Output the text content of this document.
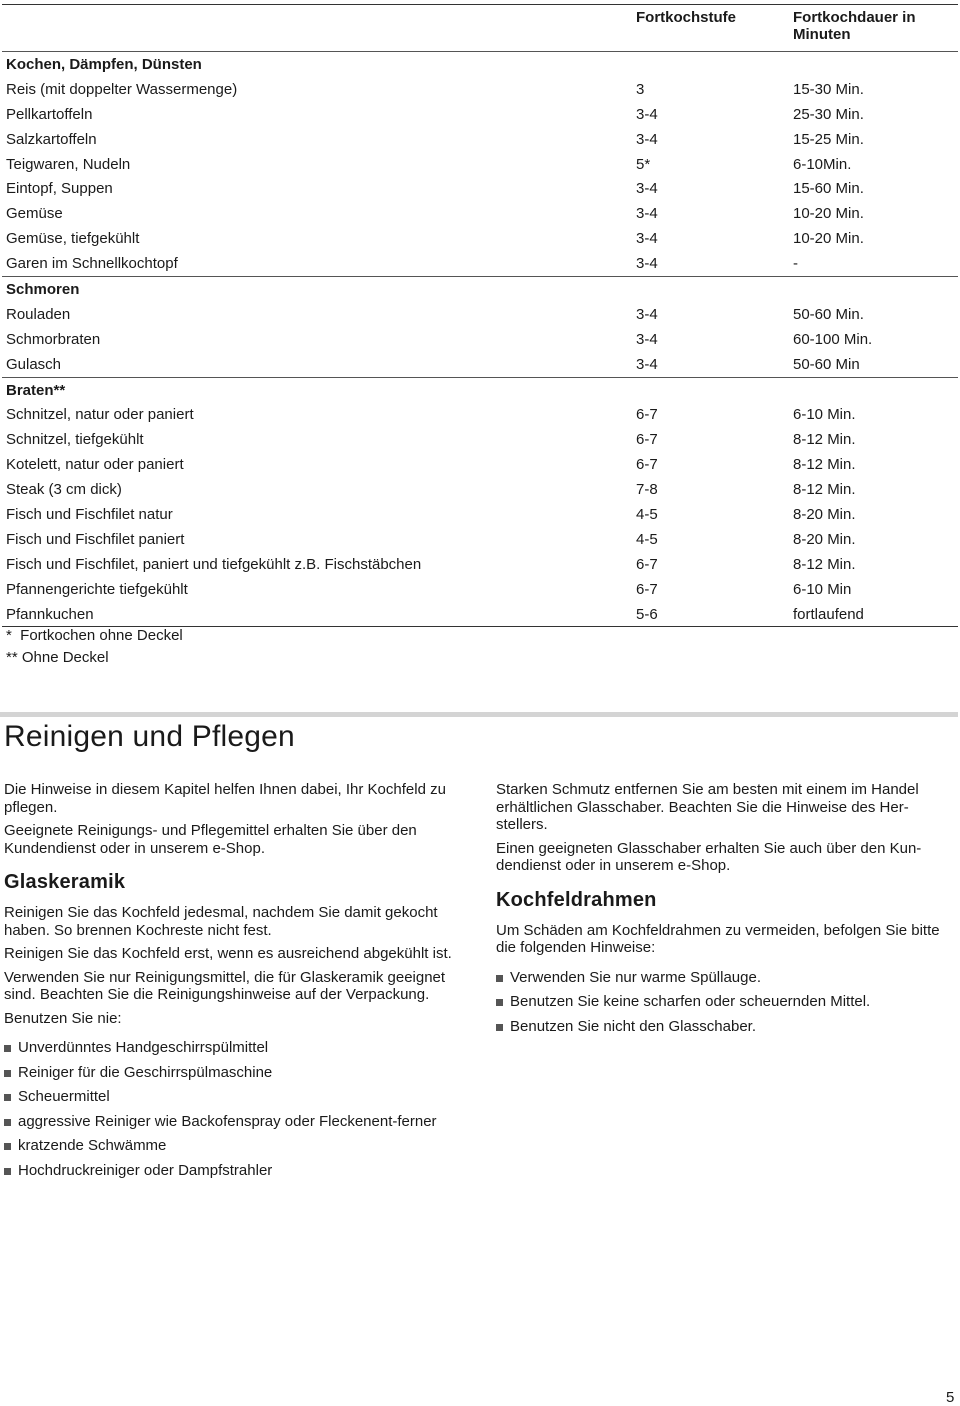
	Fortkochstufe	Fortkochdauer in Minuten
Kochen, Dämpfen, Dünsten		
Reis (mit doppelter Wassermenge)	3	15-30 Min.
Pellkartoffeln	3-4	25-30 Min.
Salzkartoffeln	3-4	15-25 Min.
Teigwaren, Nudeln	5*	6-10Min.
Eintopf, Suppen	3-4	15-60 Min.
Gemüse	3-4	10-20 Min.
Gemüse, tiefgekühlt	3-4	10-20 Min.
Garen im Schnellkochtopf	3-4	-
Schmoren		
Rouladen	3-4	50-60 Min.
Schmorbraten	3-4	60-100 Min.
Gulasch	3-4	50-60 Min
Braten**		
Schnitzel, natur oder paniert	6-7	6-10 Min.
Schnitzel, tiefgekühlt	6-7	8-12 Min.
Kotelett, natur oder paniert	6-7	8-12 Min.
Steak (3 cm dick)	7-8	8-12 Min.
Fisch und Fischfilet natur	4-5	8-20 Min.
Fisch und Fischfilet paniert	4-5	8-20 Min.
Fisch und Fischfilet, paniert und tiefgekühlt z.B. Fischstäbchen	6-7	8-12 Min.
Pfannengerichte tiefgekühlt	6-7	6-10 Min
Pfannkuchen	5-6	fortlaufend
*  Fortkochen ohne Deckel
** Ohne Deckel
Reinigen und Pflegen

Die Hinweise in diesem Kapitel helfen Ihnen dabei, Ihr Kochfeld zu pflegen.

Geeignete Reinigungs- und Pflegemittel erhalten Sie über den Kundendienst oder in unserem e-Shop.

Glaskeramik

Reinigen Sie das Kochfeld jedesmal, nachdem Sie damit gekocht haben. So brennen Kochreste nicht fest.

Reinigen Sie das Kochfeld erst, wenn es ausreichend abgekühlt ist.

Verwenden Sie nur Reinigungsmittel, die für Glaskeramik geeignet sind. Beachten Sie die Reinigungshinweise auf der Verpackung.

Benutzen Sie nie:

Unverdünntes Handgeschirrspülmittel
Reiniger für die Geschirrspülmaschine
Scheuermittel
aggressive Reiniger wie Backofenspray oder Fleckenent-ferner
kratzende Schwämme
Hochdruckreiniger oder Dampfstrahler

Starken Schmutz entfernen Sie am besten mit einem im Handel erhältlichen Glasschaber. Beachten Sie die Hinweise des Her-stellers.

Einen geeigneten Glasschaber erhalten Sie auch über den Kun-dendienst oder in unserem e-Shop.

Kochfeldrahmen

Um Schäden am Kochfeldrahmen zu vermeiden, befolgen Sie bitte die folgenden Hinweise:

Verwenden Sie nur warme Spüllauge.
Benutzen Sie keine scharfen oder scheuernden Mittel.
Benutzen Sie nicht den Glasschaber.
5
